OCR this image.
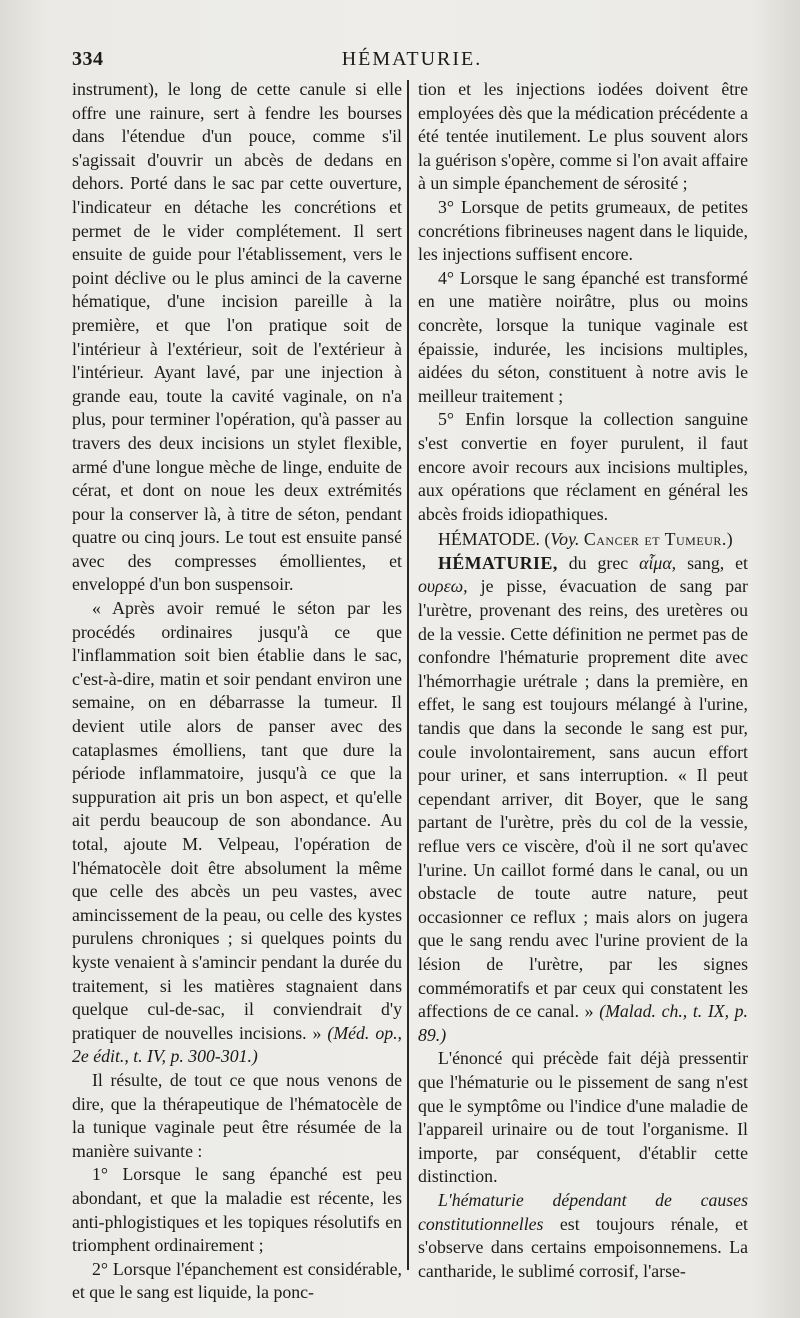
334	HÉMATURIE.

instrument), le long de cette canule si elle offre une rainure, sert à fendre les bourses dans l'étendue d'un pouce, comme s'il s'agissait d'ouvrir un abcès de dedans en dehors. Porté dans le sac par cette ouverture, l'indicateur en détache les concrétions et permet de le vider complétement. Il sert ensuite de guide pour l'établissement, vers le point déclive ou le plus aminci de la caverne hématique, d'une incision pareille à la première, et que l'on pratique soit de l'intérieur à l'extérieur, soit de l'extérieur à l'intérieur. Ayant lavé, par une injection à grande eau, toute la cavité vaginale, on n'a plus, pour terminer l'opération, qu'à passer au travers des deux incisions un stylet flexible, armé d'une longue mèche de linge, enduite de cérat, et dont on noue les deux extrémités pour la conserver là, à titre de séton, pendant quatre ou cinq jours. Le tout est ensuite pansé avec des compresses émollientes, et enveloppé d'un bon suspensoir.

« Après avoir remué le séton par les procédés ordinaires jusqu'à ce que l'inflammation soit bien établie dans le sac, c'est-à-dire, matin et soir pendant environ une semaine, on en débarrasse la tumeur. Il devient utile alors de panser avec des cataplasmes émolliens, tant que dure la période inflammatoire, jusqu'à ce que la suppuration ait pris un bon aspect, et qu'elle ait perdu beaucoup de son abondance. Au total, ajoute M. Velpeau, l'opération de l'hématocèle doit être absolument la même que celle des abcès un peu vastes, avec amincissement de la peau, ou celle des kystes purulens chroniques ; si quelques points du kyste venaient à s'amincir pendant la durée du traitement, si les matières stagnaient dans quelque cul-de-sac, il conviendrait d'y pratiquer de nouvelles incisions. » (Méd. op., 2e édit., t. IV, p. 300-301.)

Il résulte, de tout ce que nous venons de dire, que la thérapeutique de l'hématocèle de la tunique vaginale peut être résumée de la manière suivante :

1° Lorsque le sang épanché est peu abondant, et que la maladie est récente, les anti-phlogistiques et les topiques résolutifs en triomphent ordinairement ;

2° Lorsque l'épanchement est considérable, et que le sang est liquide, la ponc-

tion et les injections iodées doivent être employées dès que la médication précédente a été tentée inutilement. Le plus souvent alors la guérison s'opère, comme si l'on avait affaire à un simple épanchement de sérosité ;

3° Lorsque de petits grumeaux, de petites concrétions fibrineuses nagent dans le liquide, les injections suffisent encore.

4° Lorsque le sang épanché est transformé en une matière noirâtre, plus ou moins concrète, lorsque la tunique vaginale est épaissie, indurée, les incisions multiples, aidées du séton, constituent à notre avis le meilleur traitement ;

5° Enfin lorsque la collection sanguine s'est convertie en foyer purulent, il faut encore avoir recours aux incisions multiples, aux opérations que réclament en général les abcès froids idiopathiques.

HÉMATODE. (Voy. Cancer et Tumeur.)

HÉMATURIE, du grec αἷμα, sang, et ουρεω, je pisse, évacuation de sang par l'urètre, provenant des reins, des uretères ou de la vessie. Cette définition ne permet pas de confondre l'hématurie proprement dite avec l'hémorrhagie urétrale ; dans la première, en effet, le sang est toujours mélangé à l'urine, tandis que dans la seconde le sang est pur, coule involontairement, sans aucun effort pour uriner, et sans interruption. « Il peut cependant arriver, dit Boyer, que le sang partant de l'urètre, près du col de la vessie, reflue vers ce viscère, d'où il ne sort qu'avec l'urine. Un caillot formé dans le canal, ou un obstacle de toute autre nature, peut occasionner ce reflux ; mais alors on jugera que le sang rendu avec l'urine provient de la lésion de l'urètre, par les signes commémoratifs et par ceux qui constatent les affections de ce canal. » (Malad. ch., t. IX, p. 89.)

L'énoncé qui précède fait déjà pressentir que l'hématurie ou le pissement de sang n'est que le symptôme ou l'indice d'une maladie de l'appareil urinaire ou de tout l'organisme. Il importe, par conséquent, d'établir cette distinction.

L'hématurie dépendant de causes constitutionnelles est toujours rénale, et s'observe dans certains empoisonnemens. La cantharide, le sublimé corrosif, l'arse-
